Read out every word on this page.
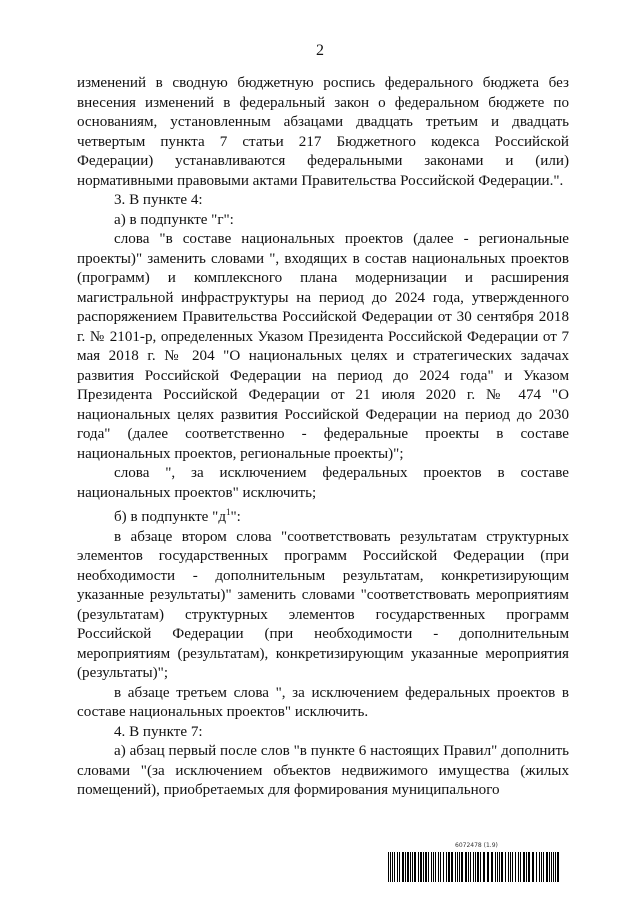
2

изменений в сводную бюджетную роспись федерального бюджета без внесения изменений в федеральный закон о федеральном бюджете по основаниям, установленным абзацами двадцать третьим и двадцать четвертым пункта 7 статьи 217 Бюджетного кодекса Российской Федерации) устанавливаются федеральными законами и (или) нормативными правовыми актами Правительства Российской Федерации.".

3. В пункте 4:

а) в подпункте "г":

слова "в составе национальных проектов (далее - региональные проекты)" заменить словами ", входящих в состав национальных проектов (программ) и комплексного плана модернизации и расширения магистральной инфраструктуры на период до 2024 года, утвержденного распоряжением Правительства Российской Федерации от 30 сентября 2018 г. № 2101-р, определенных Указом Президента Российской Федерации от 7 мая 2018 г. № 204 "О национальных целях и стратегических задачах развития Российской Федерации на период до 2024 года" и Указом Президента Российской Федерации от 21 июля 2020 г. № 474 "О национальных целях развития Российской Федерации на период до 2030 года" (далее соответственно - федеральные проекты в составе национальных проектов, региональные проекты)";

слова ", за исключением федеральных проектов в составе национальных проектов" исключить;

б) в подпункте "$д^1$":

в абзаце втором слова "соответствовать результатам структурных элементов государственных программ Российской Федерации (при необходимости - дополнительным результатам, конкретизирующим указанные результаты)" заменить словами "соответствовать мероприятиям (результатам) структурных элементов государственных программ Российской Федерации (при необходимости - дополнительным мероприятиям (результатам), конкретизирующим указанные мероприятия (результаты)";

в абзаце третьем слова ", за исключением федеральных проектов в составе национальных проектов" исключить.

4. В пункте 7:

а) абзац первый после слов "в пункте 6 настоящих Правил" дополнить словами "(за исключением объектов недвижимого имущества (жилых помещений), приобретаемых для формирования муниципального

6072478 (1.9)
